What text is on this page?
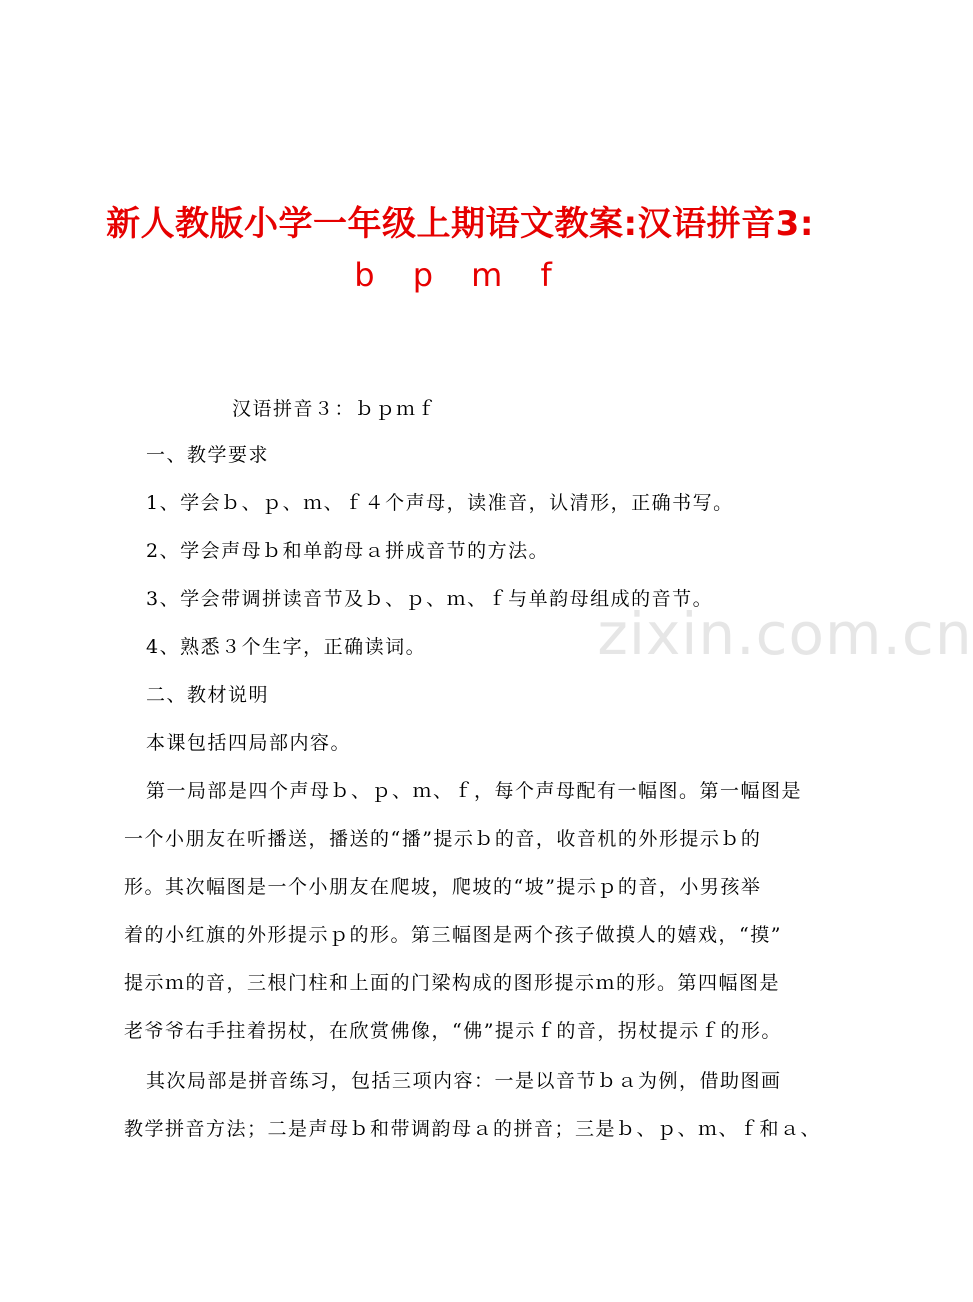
新人教版小学一年级上期语文教案:汉语拼音3:
b p m f
www.zixin.com.cn
汉语拼音３：ｂｐｍｆ
一、教学要求
1、学会ｂ、ｐ、ｍ、ｆ４个声母，读准音，认清形，正确书写。
2、学会声母ｂ和单韵母ａ拼成音节的方法。
3、学会带调拼读音节及ｂ、ｐ、ｍ、ｆ与单韵母组成的音节。
4、熟悉３个生字，正确读词。
二、教材说明
本课包括四局部内容。
第一局部是四个声母ｂ、ｐ、ｍ、ｆ，每个声母配有一幅图。第一幅图是
一个小朋友在听播送，播送的“播”提示ｂ的音，收音机的外形提示ｂ的
形。其次幅图是一个小朋友在爬坡，爬坡的“坡”提示ｐ的音，小男孩举
着的小红旗的外形提示ｐ的形。第三幅图是两个孩子做摸人的嬉戏，“摸”
提示ｍ的音，三根门柱和上面的门梁构成的图形提示ｍ的形。第四幅图是
老爷爷右手拄着拐杖，在欣赏佛像，“佛”提示ｆ的音，拐杖提示ｆ的形。
其次局部是拼音练习，包括三项内容：一是以音节ｂａ为例，借助图画
教学拼音方法；二是声母ｂ和带调韵母ａ的拼音；三是ｂ、ｐ、ｍ、ｆ和ａ、
